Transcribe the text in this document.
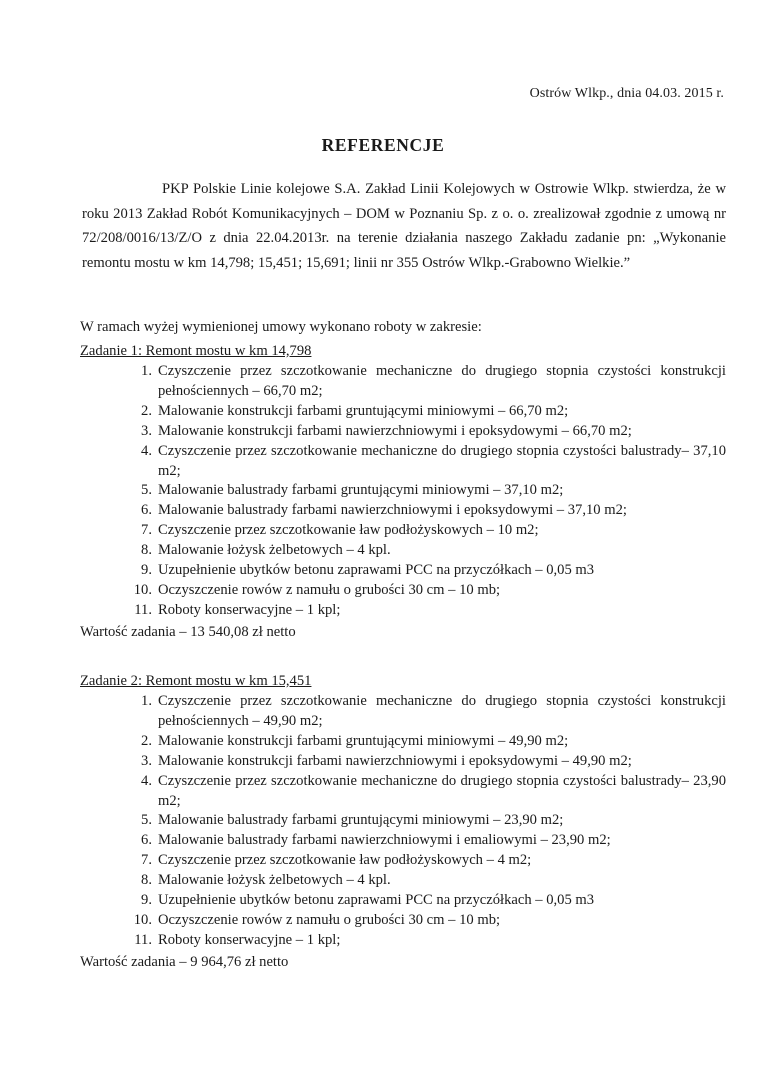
Ostrów Wlkp., dnia 04.03. 2015 r.
REFERENCJE
PKP Polskie Linie kolejowe S.A. Zakład Linii Kolejowych w Ostrowie Wlkp. stwierdza, że w roku 2013 Zakład Robót Komunikacyjnych – DOM w Poznaniu Sp. z o. o. zrealizował zgodnie z umową nr 72/208/0016/13/Z/O z dnia 22.04.2013r. na terenie działania naszego Zakładu zadanie pn: „Wykonanie remontu mostu w km 14,798; 15,451; 15,691; linii nr 355 Ostrów Wlkp.-Grabowno Wielkie.”
W ramach wyżej wymienionej umowy wykonano roboty w zakresie:
Zadanie 1: Remont mostu w km 14,798
1. Czyszczenie przez szczotkowanie mechaniczne do drugiego stopnia czystości konstrukcji pełnościennych – 66,70 m2;
2. Malowanie konstrukcji farbami gruntującymi miniowymi – 66,70 m2;
3. Malowanie konstrukcji farbami nawierzchniowymi i epoksydowymi – 66,70 m2;
4. Czyszczenie przez szczotkowanie mechaniczne do drugiego stopnia czystości balustrady– 37,10 m2;
5. Malowanie balustrady farbami gruntującymi miniowymi – 37,10 m2;
6. Malowanie balustrady farbami nawierzchniowymi i epoksydowymi – 37,10 m2;
7. Czyszczenie przez szczotkowanie ław podłożyskowych – 10 m2;
8. Malowanie łożysk żelbetowych – 4 kpl.
9. Uzupełnienie ubytków betonu zaprawami PCC na przyczółkach – 0,05 m3
10. Oczyszczenie rowów z namułu o grubości 30 cm – 10 mb;
11. Roboty konserwacyjne – 1 kpl;
Wartość zadania – 13 540,08 zł netto
Zadanie 2: Remont mostu w km 15,451
1. Czyszczenie przez szczotkowanie mechaniczne do drugiego stopnia czystości konstrukcji pełnościennych – 49,90 m2;
2. Malowanie konstrukcji farbami gruntującymi miniowymi – 49,90 m2;
3. Malowanie konstrukcji farbami nawierzchniowymi i epoksydowymi – 49,90 m2;
4. Czyszczenie przez szczotkowanie mechaniczne do drugiego stopnia czystości balustrady– 23,90 m2;
5. Malowanie balustrady farbami gruntującymi miniowymi – 23,90 m2;
6. Malowanie balustrady farbami nawierzchniowymi i emaliowymi – 23,90 m2;
7. Czyszczenie przez szczotkowanie ław podłożyskowych – 4 m2;
8. Malowanie łożysk żelbetowych – 4 kpl.
9. Uzupełnienie ubytków betonu zaprawami PCC na przyczółkach – 0,05 m3
10. Oczyszczenie rowów z namułu o grubości 30 cm – 10 mb;
11. Roboty konserwacyjne – 1 kpl;
Wartość zadania – 9 964,76 zł netto
